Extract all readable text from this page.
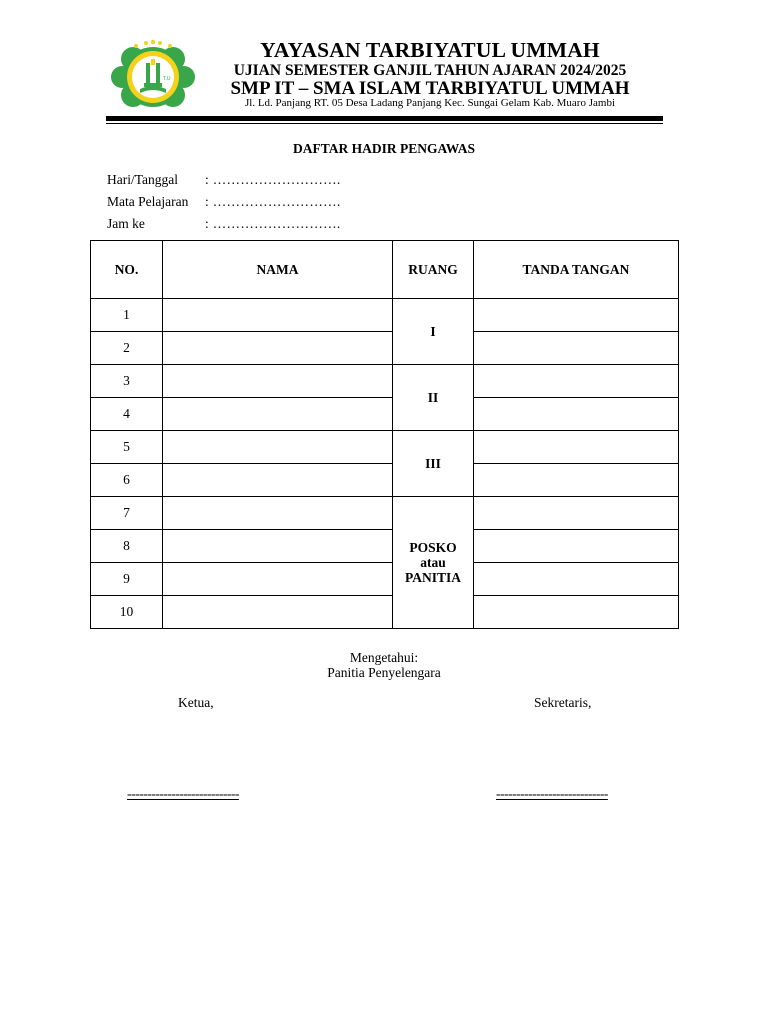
T.U
YAYASAN TARBIYATUL UMMAH
UJIAN SEMESTER GANJIL TAHUN AJARAN 2024/2025
SMP IT – SMA ISLAM TARBIYATUL UMMAH
Jl. Ld. Panjang RT. 05 Desa Ladang Panjang Kec. Sungai Gelam Kab. Muaro Jambi
DAFTAR HADIR PENGAWAS
Hari/Tanggal : ……………………….
Mata Pelajaran : ……………………….
Jam ke	: ……………………….
NO.	NAMA	RUANG	TANDA TANGAN
1		I	
2			
3		II	
4			
5		III	
6			
7		POSKO
atau
PANITIA	
8			
9			
10			
Mengetahui:
Panitia Penyelengara
Ketua,	Sekretaris,
----------------------------	----------------------------
